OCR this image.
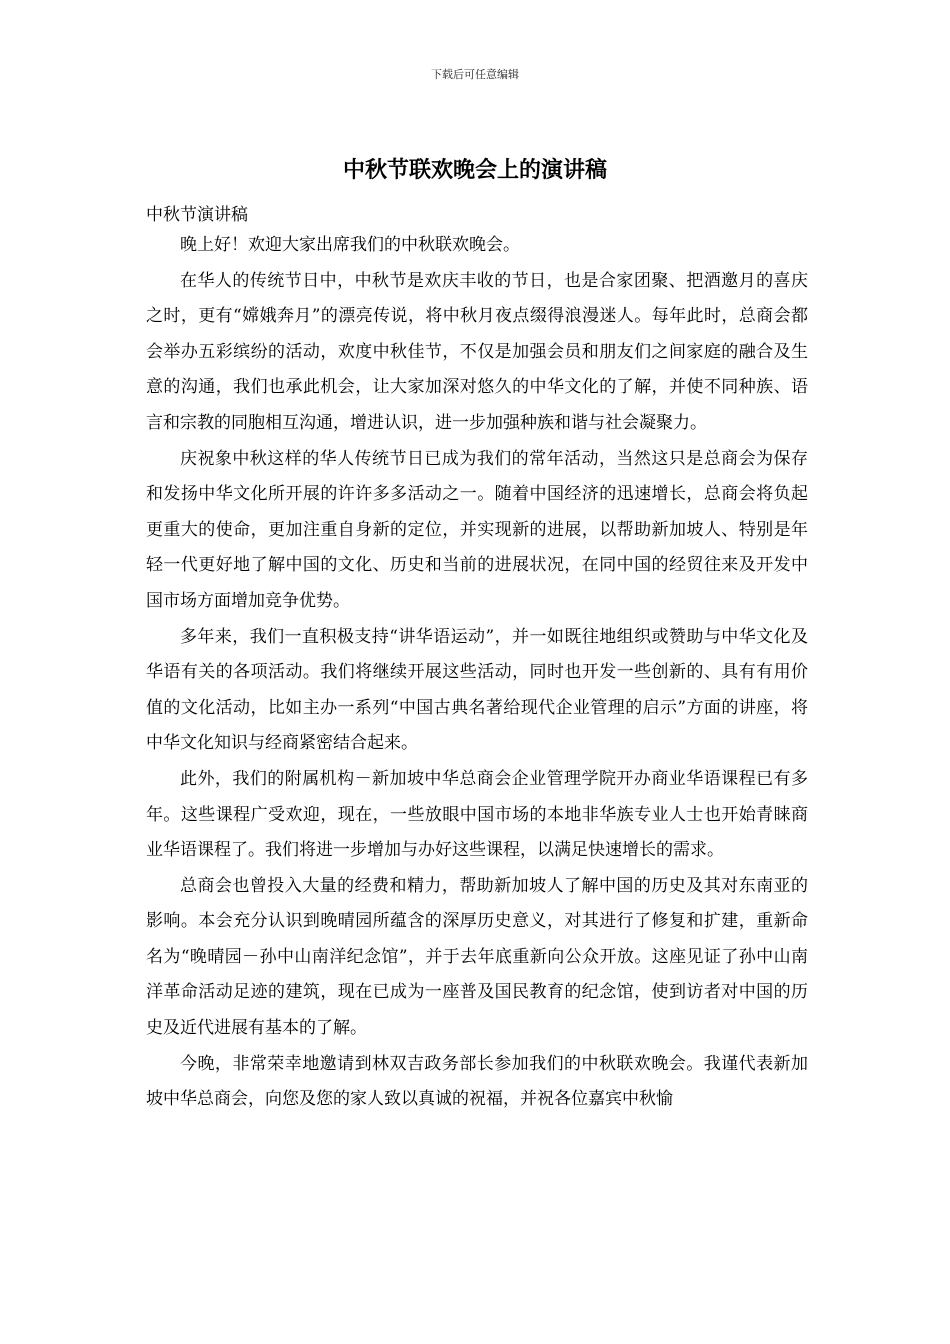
下载后可任意编辑
中秋节联欢晚会上的演讲稿
中秋节演讲稿

晚上好！欢迎大家出席我们的中秋联欢晚会。

在华人的传统节日中，中秋节是欢庆丰收的节日，也是合家团聚、把酒邀月的喜庆之时，更有“嫦娥奔月”的漂亮传说，将中秋月夜点缀得浪漫迷人。每年此时，总商会都会举办五彩缤纷的活动，欢度中秋佳节，不仅是加强会员和朋友们之间家庭的融合及生意的沟通，我们也承此机会，让大家加深对悠久的中华文化的了解，并使不同种族、语言和宗教的同胞相互沟通，增进认识，进一步加强种族和谐与社会凝聚力。

庆祝象中秋这样的华人传统节日已成为我们的常年活动，当然这只是总商会为保存和发扬中华文化所开展的许许多多活动之一。随着中国经济的迅速增长，总商会将负起更重大的使命，更加注重自身新的定位，并实现新的进展，以帮助新加坡人、特别是年轻一代更好地了解中国的文化、历史和当前的进展状况，在同中国的经贸往来及开发中国市场方面增加竞争优势。

多年来，我们一直积极支持“讲华语运动”，并一如既往地组织或赞助与中华文化及华语有关的各项活动。我们将继续开展这些活动，同时也开发一些创新的、具有有用价值的文化活动，比如主办一系列“中国古典名著给现代企业管理的启示”方面的讲座，将中华文化知识与经商紧密结合起来。

此外，我们的附属机构－新加坡中华总商会企业管理学院开办商业华语课程已有多年。这些课程广受欢迎，现在，一些放眼中国市场的本地非华族专业人士也开始青睐商业华语课程了。我们将进一步增加与办好这些课程，以满足快速增长的需求。

总商会也曾投入大量的经费和精力，帮助新加坡人了解中国的历史及其对东南亚的影响。本会充分认识到晚晴园所蕴含的深厚历史意义，对其进行了修复和扩建，重新命名为“晚晴园－孙中山南洋纪念馆”，并于去年底重新向公众开放。这座见证了孙中山南洋革命活动足迹的建筑，现在已成为一座普及国民教育的纪念馆，使到访者对中国的历史及近代进展有基本的了解。

今晚，非常荣幸地邀请到林双吉政务部长参加我们的中秋联欢晚会。我谨代表新加坡中华总商会，向您及您的家人致以真诚的祝福，并祝各位嘉宾中秋愉
